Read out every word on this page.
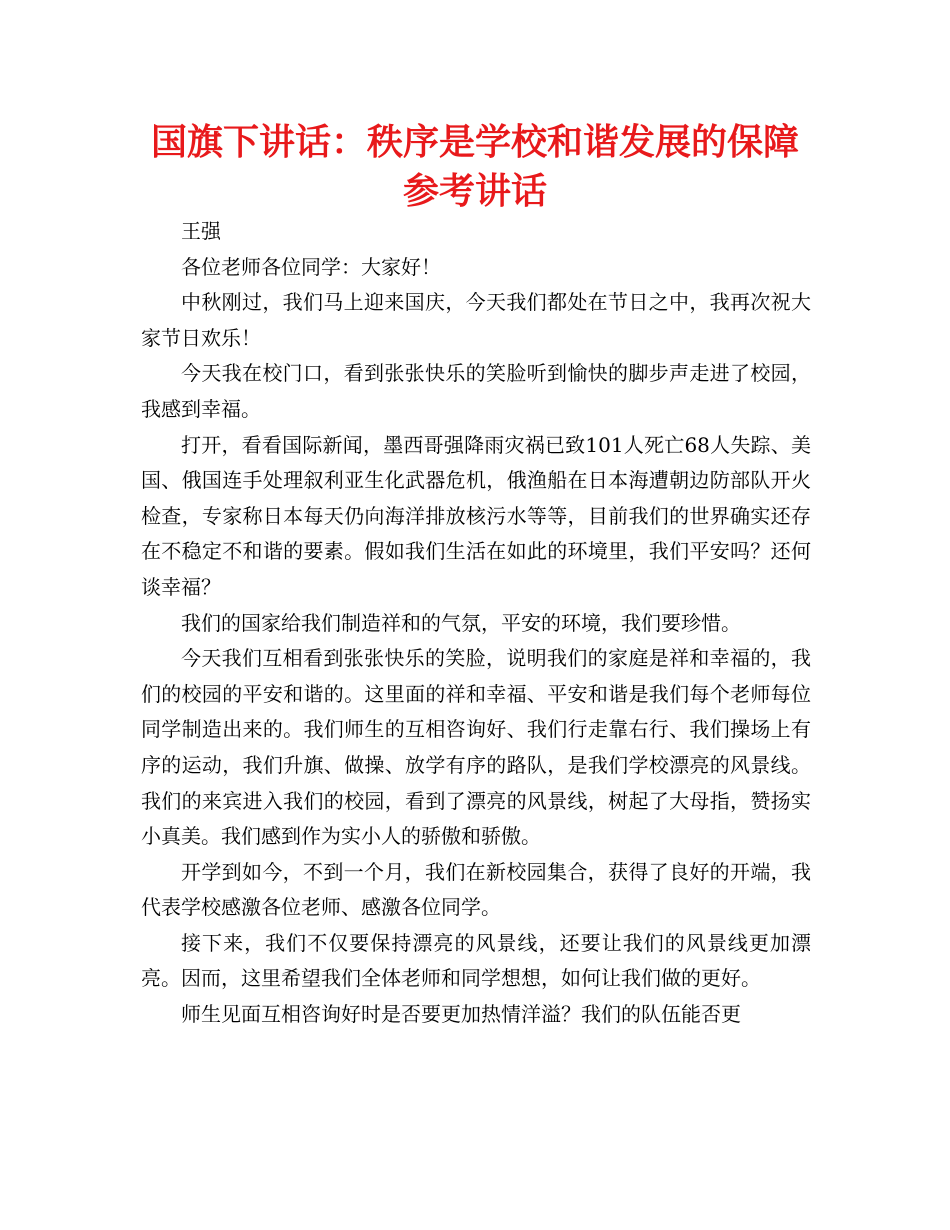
国旗下讲话：秩序是学校和谐发展的保障
参考讲话

王强

各位老师各位同学：大家好！

中秋刚过，我们马上迎来国庆，今天我们都处在节日之中，我再次祝大家节日欢乐！

今天我在校门口，看到张张快乐的笑脸听到愉快的脚步声走进了校园，我感到幸福。

打开，看看国际新闻，墨西哥强降雨灾祸已致101人死亡68人失踪、美国、俄国连手处理叙利亚生化武器危机，俄渔船在日本海遭朝边防部队开火检查，专家称日本每天仍向海洋排放核污水等等，目前我们的世界确实还存在不稳定不和谐的要素。假如我们生活在如此的环境里，我们平安吗？还何谈幸福？

我们的国家给我们制造祥和的气氛，平安的环境，我们要珍惜。

今天我们互相看到张张快乐的笑脸，说明我们的家庭是祥和幸福的，我们的校园的平安和谐的。这里面的祥和幸福、平安和谐是我们每个老师每位同学制造出来的。我们师生的互相咨询好、我们行走靠右行、我们操场上有序的运动，我们升旗、做操、放学有序的路队，是我们学校漂亮的风景线。我们的来宾进入我们的校园，看到了漂亮的风景线，树起了大母指，赞扬实小真美。我们感到作为实小人的骄傲和骄傲。

开学到如今，不到一个月，我们在新校园集合，获得了良好的开端，我代表学校感激各位老师、感激各位同学。

接下来，我们不仅要保持漂亮的风景线，还要让我们的风景线更加漂亮。因而，这里希望我们全体老师和同学想想，如何让我们做的更好。

师生见面互相咨询好时是否要更加热情洋溢？我们的队伍能否更
